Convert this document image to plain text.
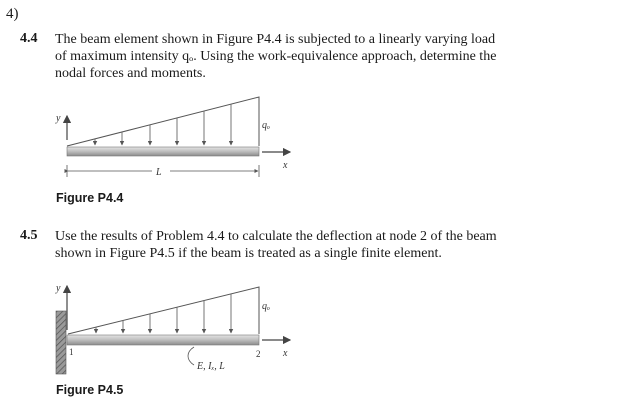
4)
4.4 The beam element shown in Figure P4.4 is subjected to a linearly varying load
of maximum intensity qₒ. Using the work-equivalence approach, determine the
nodal forces and moments.
y
qₒ
x
L
y
qₒ
1	2 x
E, Iₓ, L
Figure P4.4
4.5 Use the results of Problem 4.4 to calculate the deflection at node 2 of the beam
shown in Figure P4.5 if the beam is treated as a single finite element.
Figure P4.5
